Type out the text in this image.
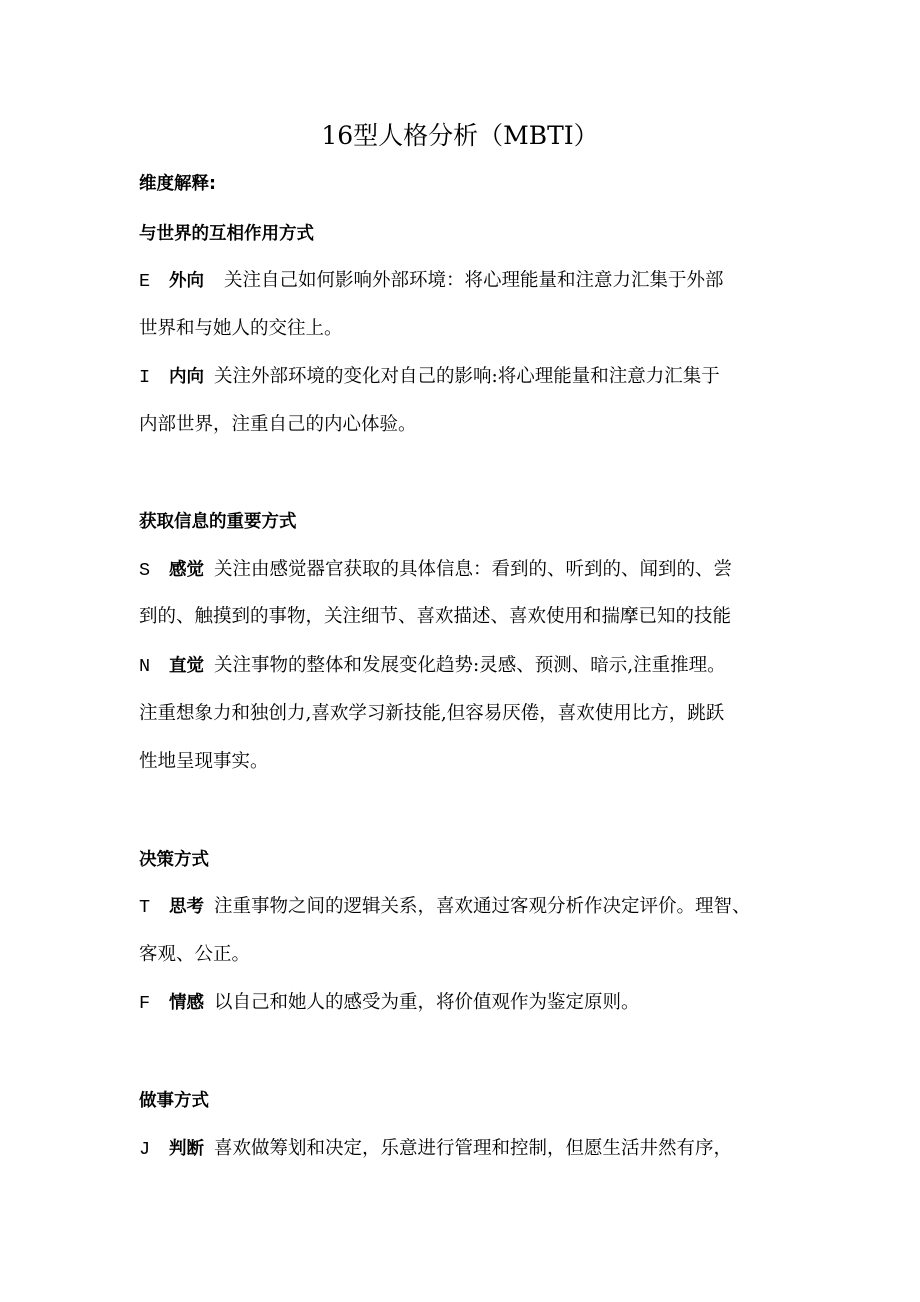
16型人格分析（MBTI）
维度解释:
与世界的互相作用方式
E 外向 关注自己如何影响外部环境：将心理能量和注意力汇集于外部
世界和与她人的交往上。
I 内向 关注外部环境的变化对自己的影响:将心理能量和注意力汇集于
内部世界，注重自己的内心体验。
获取信息的重要方式
S 感觉 关注由感觉器官获取的具体信息：看到的、听到的、闻到的、尝
到的、触摸到的事物，关注细节、喜欢描述、喜欢使用和揣摩已知的技能
N 直觉 关注事物的整体和发展变化趋势:灵感、预测、暗示,注重推理。
注重想象力和独创力,喜欢学习新技能,但容易厌倦，喜欢使用比方，跳跃
性地呈现事实。
决策方式
T 思考 注重事物之间的逻辑关系，喜欢通过客观分析作决定评价。理智、
客观、公正。
F 情感 以自己和她人的感受为重，将价值观作为鉴定原则。
做事方式
J 判断 喜欢做筹划和决定，乐意进行管理和控制，但愿生活井然有序，
